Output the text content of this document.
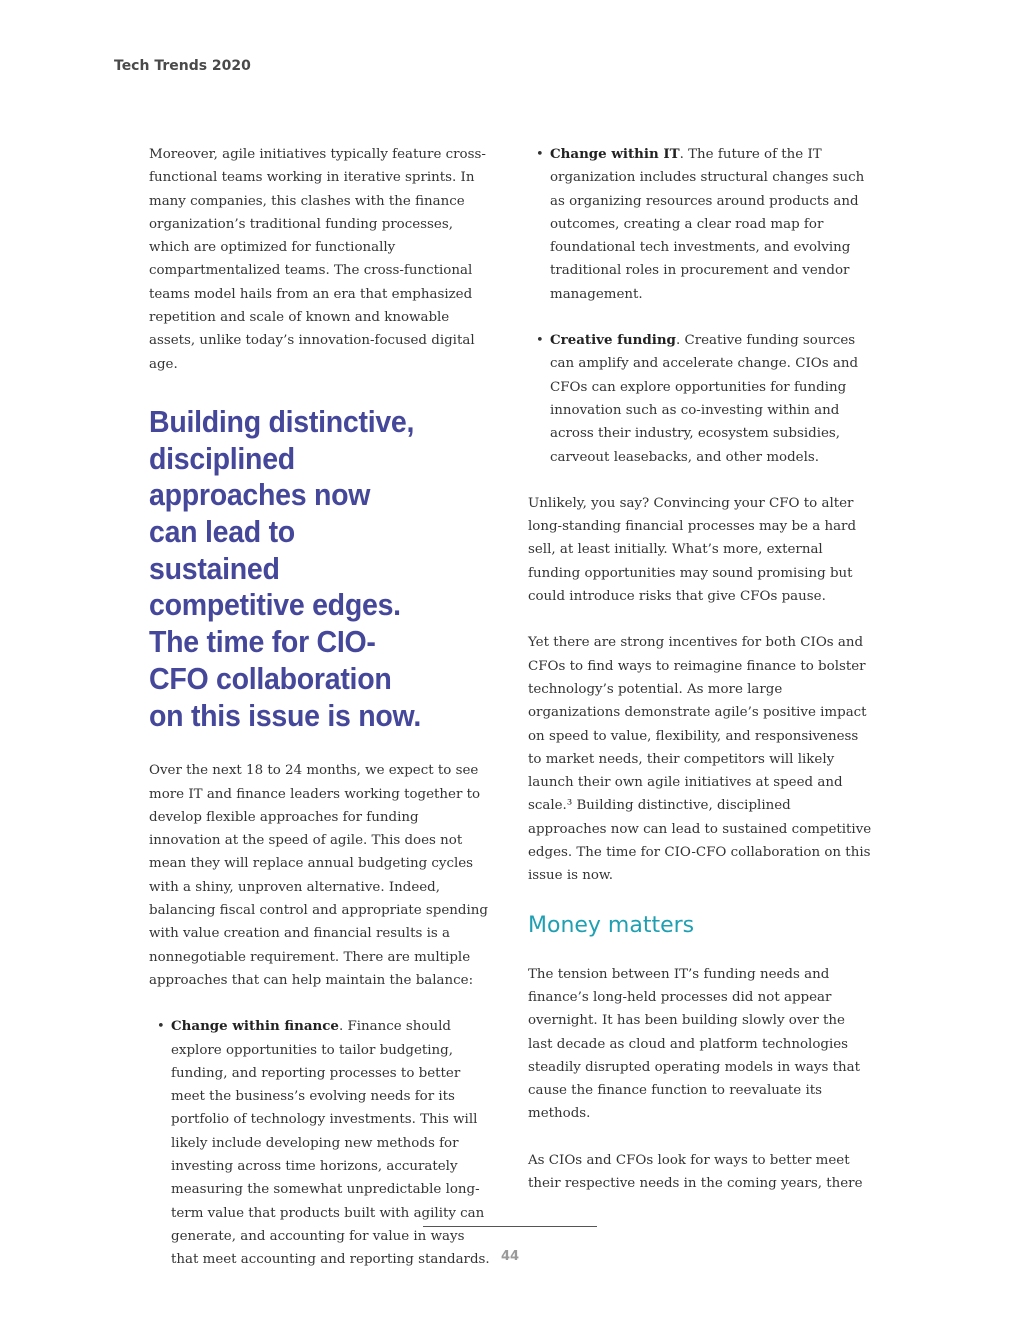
Tech Trends 2020

Moreover, agile initiatives typically feature cross-functional teams working in iterative sprints. In many companies, this clashes with the finance organization’s traditional funding processes, which are optimized for functionally compartmentalized teams. The cross-functional teams model hails from an era that emphasized repetition and scale of known and knowable assets, unlike today’s innovation-focused digital age.

Building distinctive, disciplined approaches now can lead to sustained competitive edges. The time for CIO-CFO collaboration on this issue is now.

Over the next 18 to 24 months, we expect to see more IT and finance leaders working together to develop flexible approaches for funding innovation at the speed of agile. This does not mean they will replace annual budgeting cycles with a shiny, unproven alternative. Indeed, balancing fiscal control and appropriate spending with value creation and financial results is a nonnegotiable requirement. There are multiple approaches that can help maintain the balance:

• Change within finance. Finance should explore opportunities to tailor budgeting, funding, and reporting processes to better meet the business’s evolving needs for its portfolio of technology investments. This will likely include developing new methods for investing across time horizons, accurately measuring the somewhat unpredictable long-term value that products built with agility can generate, and accounting for value in ways that meet accounting and reporting standards.
• Change within IT. The future of the IT organization includes structural changes such as organizing resources around products and outcomes, creating a clear road map for foundational tech investments, and evolving traditional roles in procurement and vendor management.
• Creative funding. Creative funding sources can amplify and accelerate change. CIOs and CFOs can explore opportunities for funding innovation such as co-investing within and across their industry, ecosystem subsidies, carveout leasebacks, and other models.

Unlikely, you say? Convincing your CFO to alter long-standing financial processes may be a hard sell, at least initially. What’s more, external funding opportunities may sound promising but could introduce risks that give CFOs pause.

Yet there are strong incentives for both CIOs and CFOs to find ways to reimagine finance to bolster technology’s potential. As more large organizations demonstrate agile’s positive impact on speed to value, flexibility, and responsiveness to market needs, their competitors will likely launch their own agile initiatives at speed and scale.³ Building distinctive, disciplined approaches now can lead to sustained competitive edges. The time for CIO-CFO collaboration on this issue is now.

Money matters

The tension between IT’s funding needs and finance’s long-held processes did not appear overnight. It has been building slowly over the last decade as cloud and platform technologies steadily disrupted operating models in ways that cause the finance function to reevaluate its methods.

As CIOs and CFOs look for ways to better meet their respective needs in the coming years, there

44
